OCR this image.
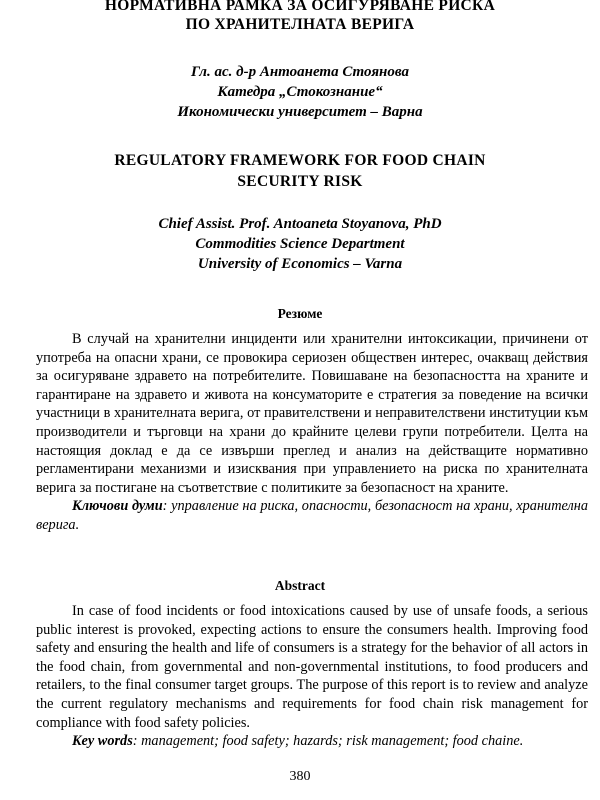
НОРМАТИВНА РАМКА ЗА ОСИГУРЯВАНЕ РИСКА
ПО ХРАНИТЕЛНАТА ВЕРИГА
Гл. ас. д-р Антоанета Стоянова
Катедра „Стокознание“
Икономически университет – Варна
REGULATORY FRAMEWORK FOR FOOD CHAIN
SECURITY RISK
Chief Assist. Prof. Antoaneta Stoyanova, PhD
Commodities Science Department
University of Economics – Varna
Резюме

В случай на хранителни инциденти или хранителни интоксикации, причинени от употреба на опасни храни, се провокира сериозен обществен интерес, очакващ действия за осигуряване здравето на потребителите. Повишаване на безопасността на храните и гарантиране на здравето и живота на консуматорите е стратегия за поведение на всички участници в хранителната верига, от правителствени и неправителствени институции към производители и търговци на храни до крайните целеви групи потребители. Целта на настоящия доклад е да се извърши преглед и анализ на действащите нормативно регламентирани механизми и изисквания при управлението на риска по хранителната верига за постигане на съответствие с политиките за безопасност на храните.

Ключови думи: управление на риска, опасности, безопасност на храни, хранителна верига.

Abstract

In case of food incidents or food intoxications caused by use of unsafe foods, a serious public interest is provoked, expecting actions to ensure the consumers health. Improving food safety and ensuring the health and life of consumers is a strategy for the behavior of all actors in the food chain, from governmental and non-governmental institutions, to food producers and retailers, to the final consumer target groups. The purpose of this report is to review and analyze the current regulatory mechanisms and requirements for food chain risk management for compliance with food safety policies.

Key words: management; food safety; hazards; risk management; food chaine.

380
